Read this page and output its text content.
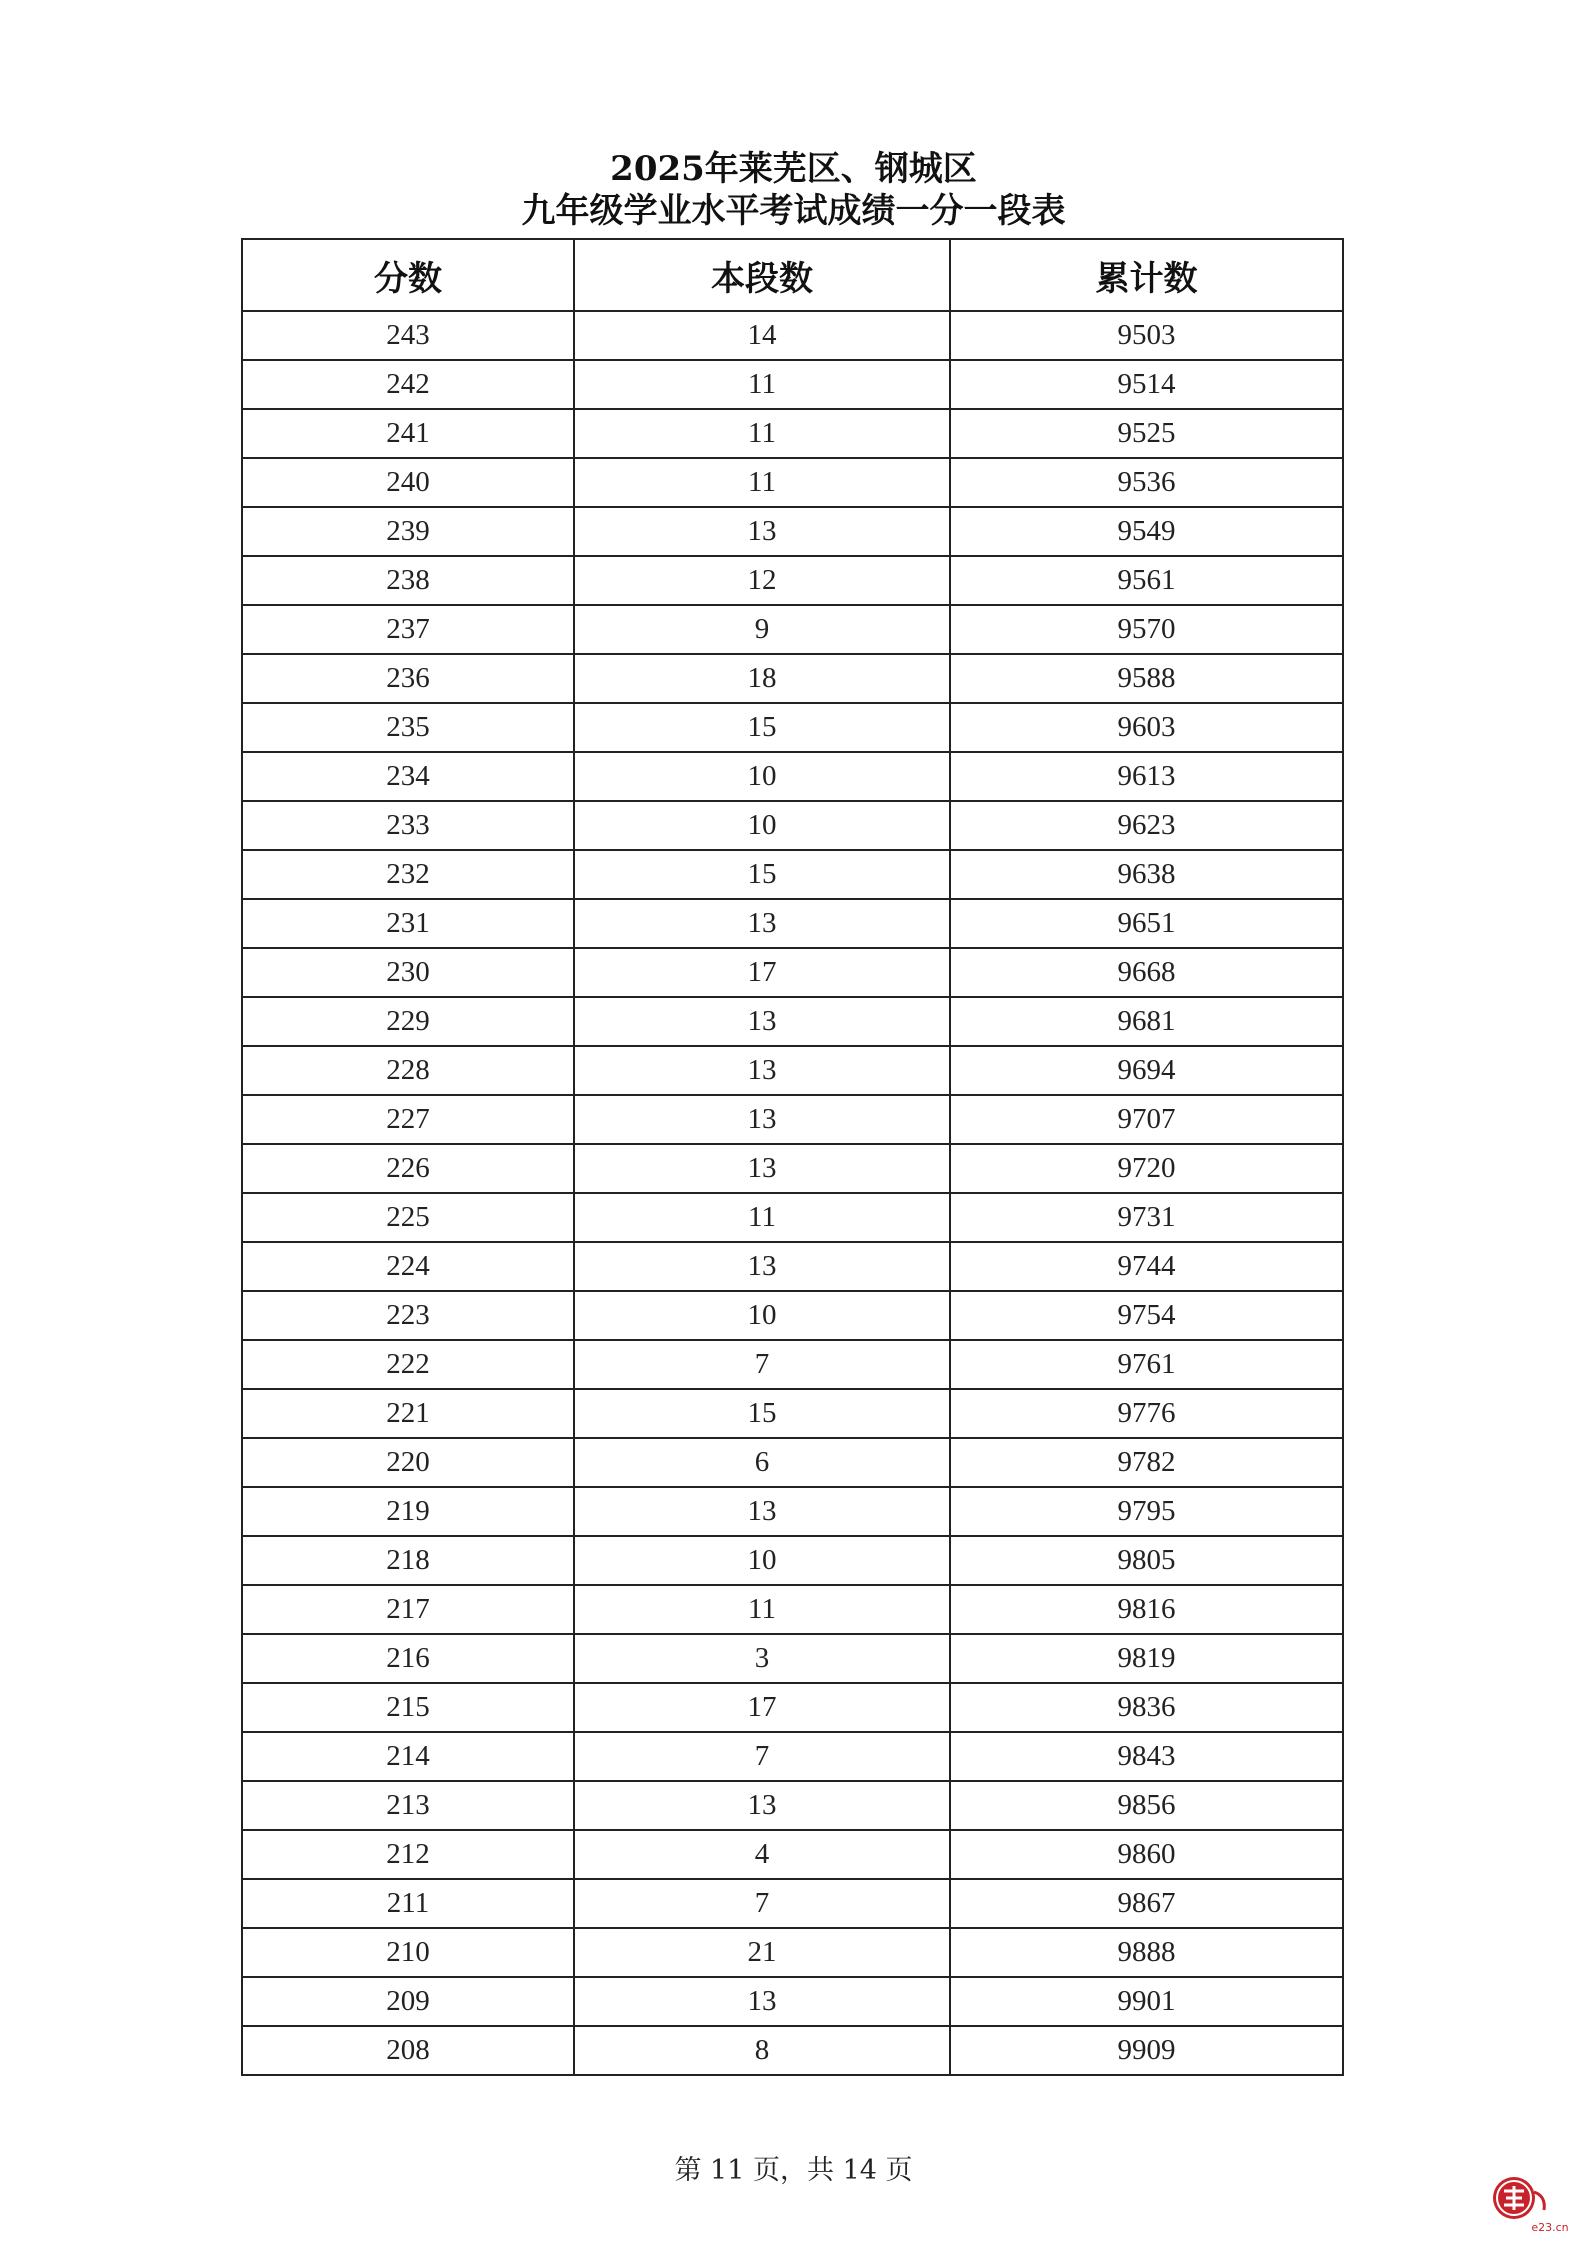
2025年莱芜区、钢城区
九年级学业水平考试成绩一分一段表
分数	本段数	累计数
243	14	9503
242	11	9514
241	11	9525
240	11	9536
239	13	9549
238	12	9561
237	9	9570
236	18	9588
235	15	9603
234	10	9613
233	10	9623
232	15	9638
231	13	9651
230	17	9668
229	13	9681
228	13	9694
227	13	9707
226	13	9720
225	11	9731
224	13	9744
223	10	9754
222	7	9761
221	15	9776
220	6	9782
219	13	9795
218	10	9805
217	11	9816
216	3	9819
215	17	9836
214	7	9843
213	13	9856
212	4	9860
211	7	9867
210	21	9888
209	13	9901
208	8	9909
第 11 页，共 14 页
e23.cn
